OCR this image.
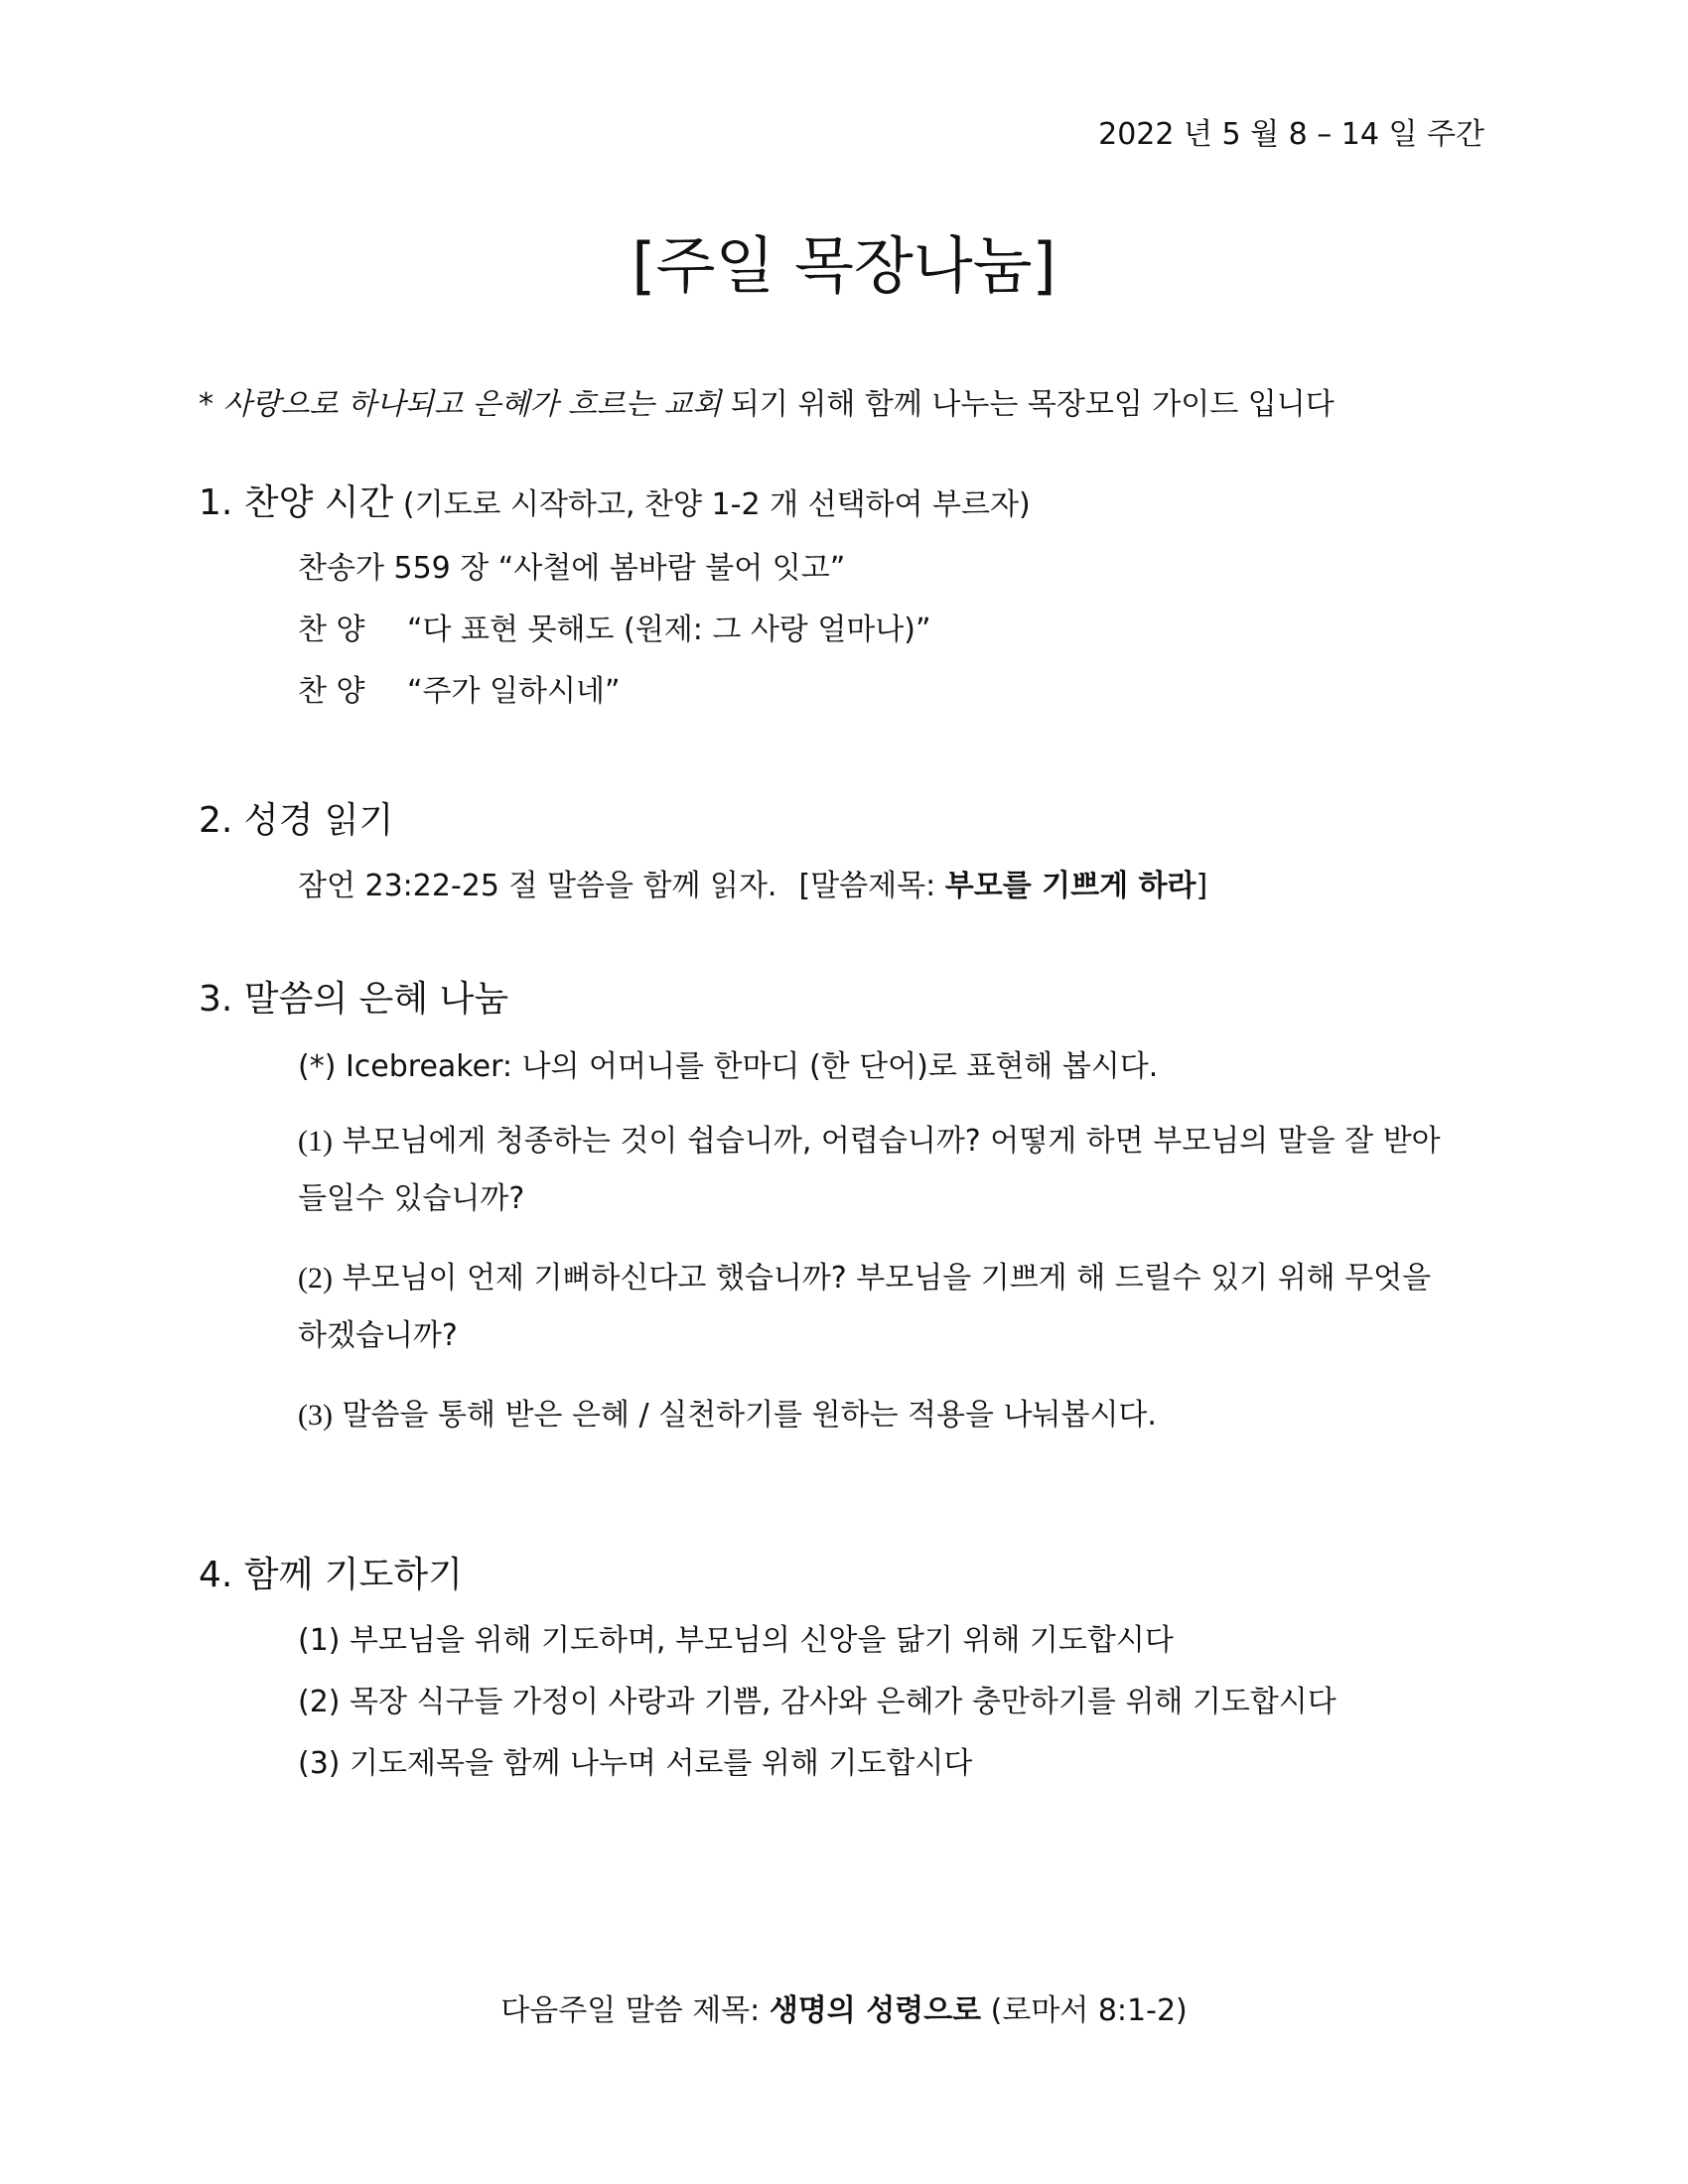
2022 년 5 월 8 – 14 일 주간
[주일 목장나눔]
* 사랑으로 하나되고 은혜가 흐르는 교회 되기 위해 함께 나누는 목장모임 가이드 입니다
1. 찬양 시간 (기도로 시작하고, 찬양 1-2 개 선택하여 부르자)
찬송가 559 장 “사철에 봄바람 불어 잇고”
찬 양 “다 표현 못해도 (원제: 그 사랑 얼마나)”
찬 양 “주가 일하시네”
2. 성경 읽기
잠언 23:22-25 절 말씀을 함께 읽자. [말씀제목: 부모를 기쁘게 하라]
3. 말씀의 은혜 나눔
(*) Icebreaker: 나의 어머니를 한마디 (한 단어)로 표현해 봅시다.
(1) 부모님에게 청종하는 것이 쉽습니까, 어렵습니까? 어떻게 하면 부모님의 말을 잘 받아들일수 있습니까?
(2) 부모님이 언제 기뻐하신다고 했습니까? 부모님을 기쁘게 해 드릴수 있기 위해 무엇을 하겠습니까?
(3) 말씀을 통해 받은 은혜 / 실천하기를 원하는 적용을 나눠봅시다.
4. 함께 기도하기
(1) 부모님을 위해 기도하며, 부모님의 신앙을 닮기 위해 기도합시다
(2) 목장 식구들 가정이 사랑과 기쁨, 감사와 은혜가 충만하기를 위해 기도합시다
(3) 기도제목을 함께 나누며 서로를 위해 기도합시다
다음주일 말씀 제목: 생명의 성령으로 (로마서 8:1-2)
